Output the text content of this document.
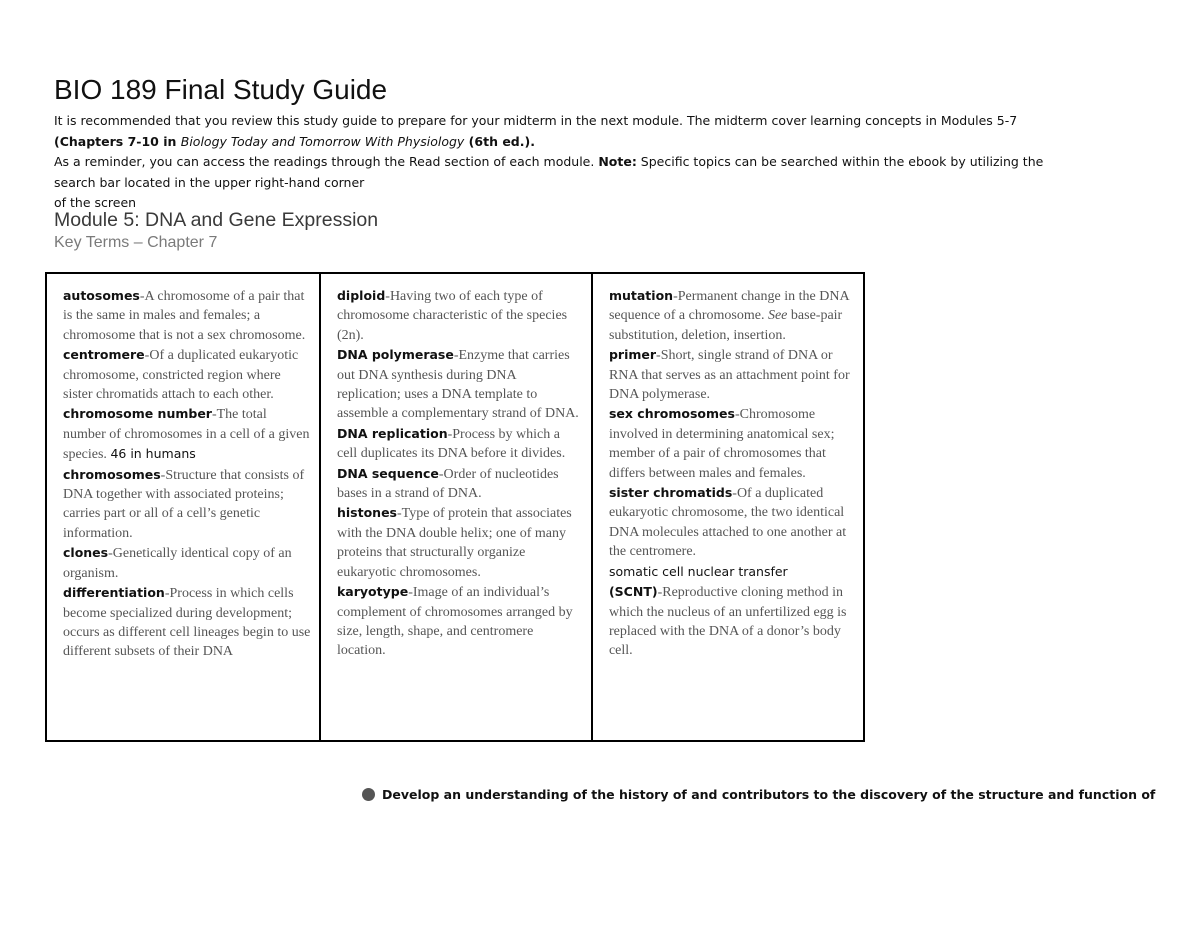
BIO 189 Final Study Guide

It is recommended that you review this study guide to prepare for your midterm in the next module. The midterm cover learning concepts in Modules 5-7

(Chapters 7-10 in Biology Today and Tomorrow With Physiology (6th ed.).

As a reminder, you can access the readings through the Read section of each module. Note: Specific topics can be searched within the ebook by utilizing the

search bar located in the upper right-hand corner

of the screen

Module 5: DNA and Gene Expression
Key Terms – Chapter 7
autosomes-A chromosome of a pair that is the same in males and females; a chromosome that is not a sex chromosome.
centromere-Of a duplicated eukaryotic chromosome, constricted region where sister chromatids attach to each other.
chromosome number-The total number of chromosomes in a cell of a given species. 46 in humans
chromosomes-Structure that consists of DNA together with associated proteins; carries part or all of a cell’s genetic information.
clones-Genetically identical copy of an organism.
differentiation-Process in which cells become specialized during development; occurs as different cell lineages begin to use different subsets of their DNA
diploid-Having two of each type of chromosome characteristic of the species (2n).
DNA polymerase-Enzyme that carries out DNA synthesis during DNA replication; uses a DNA template to assemble a complementary strand of DNA.
DNA replication-Process by which a cell duplicates its DNA before it divides.
DNA sequence-Order of nucleotides bases in a strand of DNA.
histones-Type of protein that associates with the DNA double helix; one of many proteins that structurally organize eukaryotic chromosomes.
karyotype-Image of an individual’s complement of chromosomes arranged by size, length, shape, and centromere location.
mutation-Permanent change in the DNA sequence of a chromosome. See base-pair substitution, deletion, insertion.
primer-Short, single strand of DNA or RNA that serves as an attachment point for DNA polymerase.
sex chromosomes-Chromosome involved in determining anatomical sex; member of a pair of chromosomes that differs between males and females.
sister chromatids-Of a duplicated eukaryotic chromosome, the two identical DNA molecules attached to one another at the centromere.
somatic cell nuclear transfer
(SCNT)-Reproductive cloning method in which the nucleus of an unfertilized egg is replaced with the DNA of a donor’s body cell.
Develop an understanding of the history of and contributors to the discovery of the structure and function of
